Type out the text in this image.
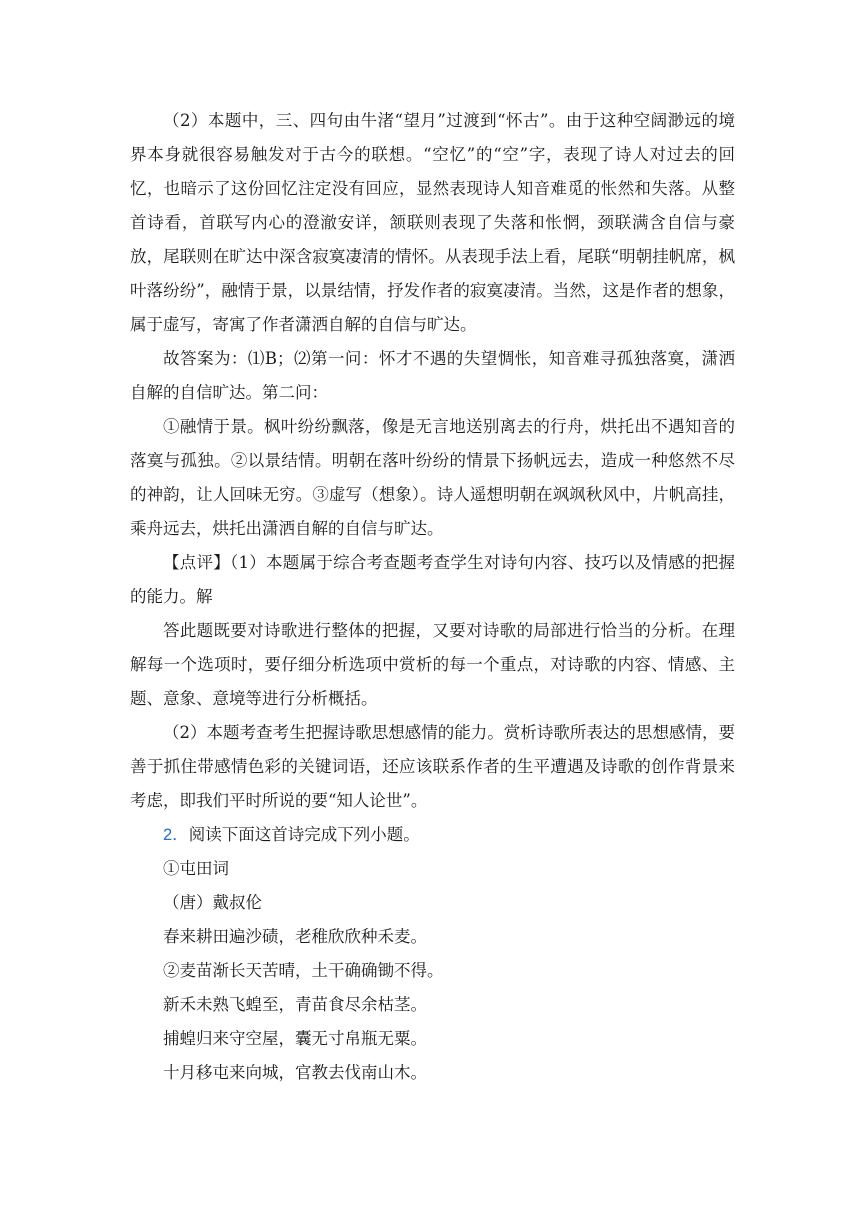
（2）本题中，三、四句由牛渚“望月”过渡到“怀古”。由于这种空阔渺远的境界本身就很容易触发对于古今的联想。“空忆”的“空”字，表现了诗人对过去的回忆，也暗示了这份回忆注定没有回应，显然表现诗人知音难觅的怅然和失落。从整首诗看，首联写内心的澄澈安详，颔联则表现了失落和怅惘，颈联满含自信与豪放，尾联则在旷达中深含寂寞凄清的情怀。从表现手法上看，尾联“明朝挂帆席，枫叶落纷纷”，融情于景，以景结情，抒发作者的寂寞凄清。当然，这是作者的想象，属于虚写，寄寓了作者潇洒自解的自信与旷达。

故答案为：⑴B；⑵第一问：怀才不遇的失望惆怅，知音难寻孤独落寞，潇洒自解的自信旷达。第二问：

①融情于景。枫叶纷纷飘落，像是无言地送别离去的行舟，烘托出不遇知音的落寞与孤独。②以景结情。明朝在落叶纷纷的情景下扬帆远去，造成一种悠然不尽的神韵，让人回味无穷。③虚写（想象）。诗人遥想明朝在飒飒秋风中，片帆高挂，乘舟远去，烘托出潇洒自解的自信与旷达。

【点评】（1）本题属于综合考查题考查学生对诗句内容、技巧以及情感的把握的能力。解

答此题既要对诗歌进行整体的把握，又要对诗歌的局部进行恰当的分析。在理解每一个选项时，要仔细分析选项中赏析的每一个重点，对诗歌的内容、情感、主题、意象、意境等进行分析概括。

（2）本题考查考生把握诗歌思想感情的能力。赏析诗歌所表达的思想感情，要善于抓住带感情色彩的关键词语，还应该联系作者的生平遭遇及诗歌的创作背景来考虑，即我们平时所说的要“知人论世”。

2．阅读下面这首诗完成下列小题。

①屯田词

（唐）戴叔伦

春来耕田遍沙碛，老稚欣欣种禾麦。

②麦苗渐长天苦晴，土干确确锄不得。

新禾未熟飞蝗至，青苗食尽余枯茎。

捕蝗归来守空屋，囊无寸帛瓶无粟。

十月移屯来向城，官教去伐南山木。
